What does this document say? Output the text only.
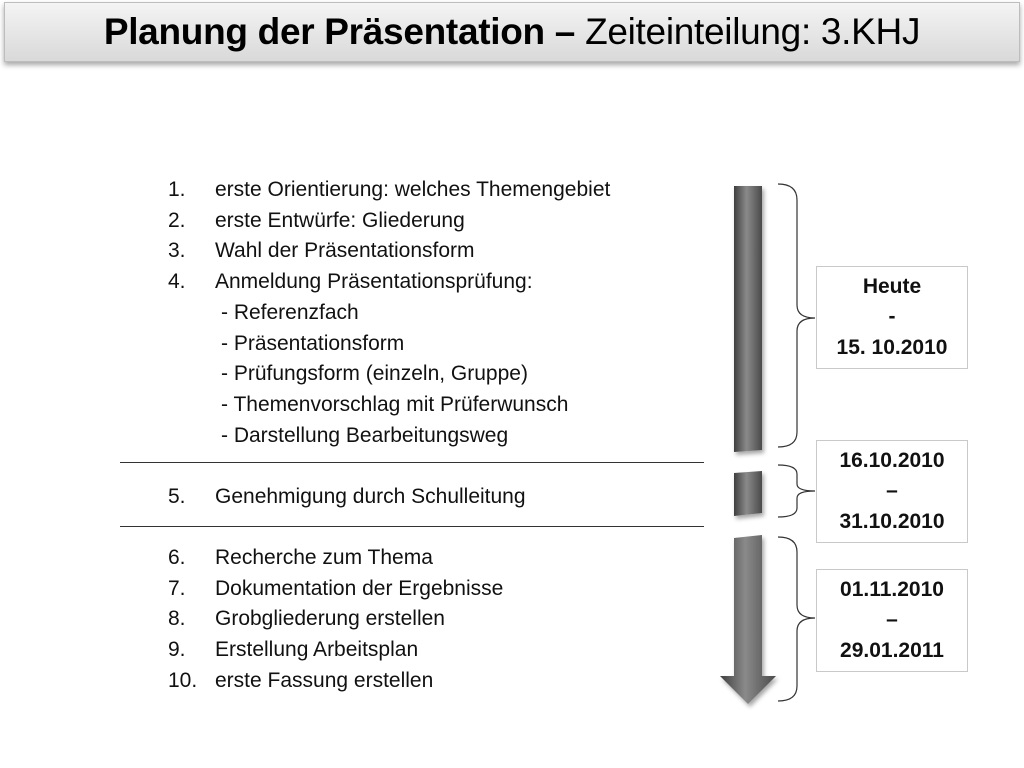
Planung der Präsentation – Zeiteinteilung: 3.KHJ
1.	erste Orientierung: welches Themengebiet
2.	erste Entwürfe: Gliederung
3.	Wahl der Präsentationsform
4.	Anmeldung Präsentationsprüfung:
- Referenzfach
- Präsentationsform
- Prüfungsform (einzeln, Gruppe)
- Themenvorschlag mit Prüferwunsch
- Darstellung Bearbeitungsweg
5.	Genehmigung durch Schulleitung
6.	Recherche zum Thema
7.	Dokumentation der Ergebnisse
8.	Grobgliederung erstellen
9.	Erstellung Arbeitsplan
10. erste Fassung erstellen
Heute
-
15. 10.2010
16.10.2010
–
31.10.2010
01.11.2010
–
29.01.2011
